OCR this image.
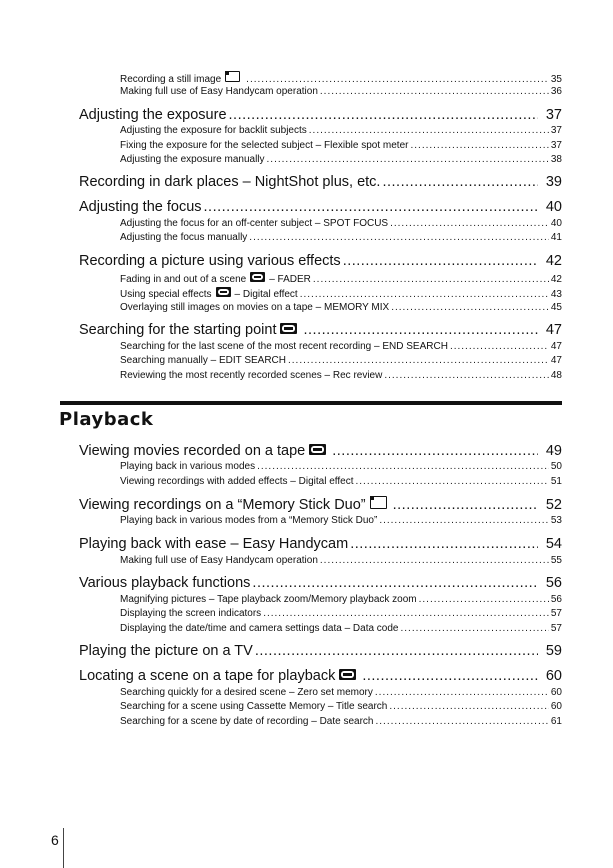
Recording a still image .....	35
Making full use of Easy Handycam operation .....	36
Adjusting the exposure .....	37
Adjusting the exposure for backlit subjects .....	37
Fixing the exposure for the selected subject – Flexible spot meter .....	37
Adjusting the exposure manually .....	38
Recording in dark places – NightShot plus, etc. .....	39
Adjusting the focus .....	40
Adjusting the focus for an off-center subject – SPOT FOCUS .....	40
Adjusting the focus manually .....	41
Recording a picture using various effects .....	42
Fading in and out of a scene – FADER .....	42
Using special effects – Digital effect .....	43
Overlaying still images on movies on a tape – MEMORY MIX .....	45
Searching for the starting point .....	47
Searching for the last scene of the most recent recording – END SEARCH .....	47
Searching manually – EDIT SEARCH .....	47
Reviewing the most recently recorded scenes – Rec review .....	48
Playback
Viewing movies recorded on a tape .....	49
Playing back in various modes .....	50
Viewing recordings with added effects – Digital effect .....	51
Viewing recordings on a “Memory Stick Duo” .....	52
Playing back in various modes from a “Memory Stick Duo” .....	53
Playing back with ease – Easy Handycam .....	54
Making full use of Easy Handycam operation .....	55
Various playback functions .....	56
Magnifying pictures – Tape playback zoom/Memory playback zoom .....	56
Displaying the screen indicators .....	57
Displaying the date/time and camera settings data – Data code .....	57
Playing the picture on a TV .....	59
Locating a scene on a tape for playback .....	60
Searching quickly for a desired scene – Zero set memory .....	60
Searching for a scene using Cassette Memory – Title search .....	60
Searching for a scene by date of recording – Date search .....	61
6
